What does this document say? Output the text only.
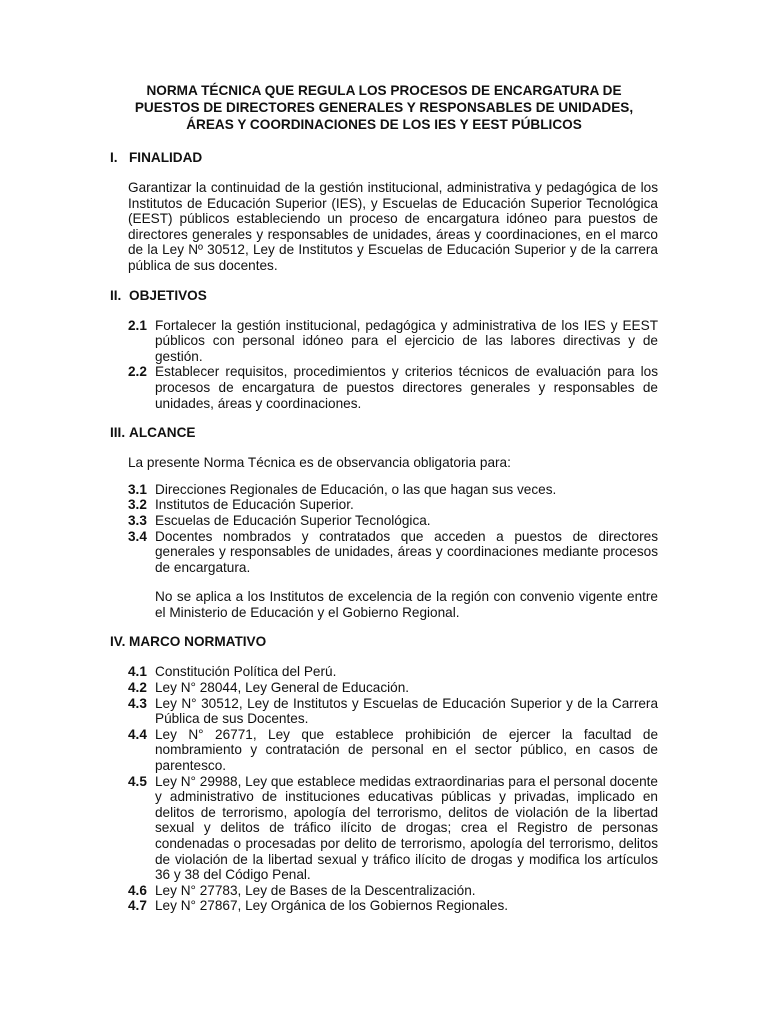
NORMA TÉCNICA QUE REGULA LOS PROCESOS DE ENCARGATURA DE
PUESTOS DE DIRECTORES GENERALES Y RESPONSABLES DE UNIDADES,
ÁREAS Y COORDINACIONES DE LOS IES Y EEST PÚBLICOS
I. FINALIDAD

Garantizar la continuidad de la gestión institucional, administrativa y pedagógica de los Institutos de Educación Superior (IES), y Escuelas de Educación Superior Tecnológica (EEST) públicos estableciendo un proceso de encargatura idóneo para puestos de directores generales y responsables de unidades, áreas y coordinaciones, en el marco de la Ley Nº 30512, Ley de Institutos y Escuelas de Educación Superior y de la carrera pública de sus docentes.

II. OBJETIVOS
2.1 Fortalecer la gestión institucional, pedagógica y administrativa de los IES y EEST públicos con personal idóneo para el ejercicio de las labores directivas y de gestión.
2.2 Establecer requisitos, procedimientos y criterios técnicos de evaluación para los procesos de encargatura de puestos directores generales y responsables de unidades, áreas y coordinaciones.
III. ALCANCE

La presente Norma Técnica es de observancia obligatoria para:

3.1 Direcciones Regionales de Educación, o las que hagan sus veces.
3.2 Institutos de Educación Superior.
3.3 Escuelas de Educación Superior Tecnológica.
3.4 Docentes nombrados y contratados que acceden a puestos de directores generales y responsables de unidades, áreas y coordinaciones mediante procesos de encargatura.

No se aplica a los Institutos de excelencia de la región con convenio vigente entre el Ministerio de Educación y el Gobierno Regional.

IV. MARCO NORMATIVO
4.1 Constitución Política del Perú.
4.2 Ley N° 28044, Ley General de Educación.
4.3 Ley N° 30512, Ley de Institutos y Escuelas de Educación Superior y de la Carrera Pública de sus Docentes.
4.4 Ley N° 26771, Ley que establece prohibición de ejercer la facultad de nombramiento y contratación de personal en el sector público, en casos de parentesco.
4.5 Ley N° 29988, Ley que establece medidas extraordinarias para el personal docente y administrativo de instituciones educativas públicas y privadas, implicado en delitos de terrorismo, apología del terrorismo, delitos de violación de la libertad sexual y delitos de tráfico ilícito de drogas; crea el Registro de personas condenadas o procesadas por delito de terrorismo, apología del terrorismo, delitos de violación de la libertad sexual y tráfico ilícito de drogas y modifica los artículos 36 y 38 del Código Penal.
4.6 Ley N° 27783, Ley de Bases de la Descentralización.
4.7 Ley N° 27867, Ley Orgánica de los Gobiernos Regionales.
